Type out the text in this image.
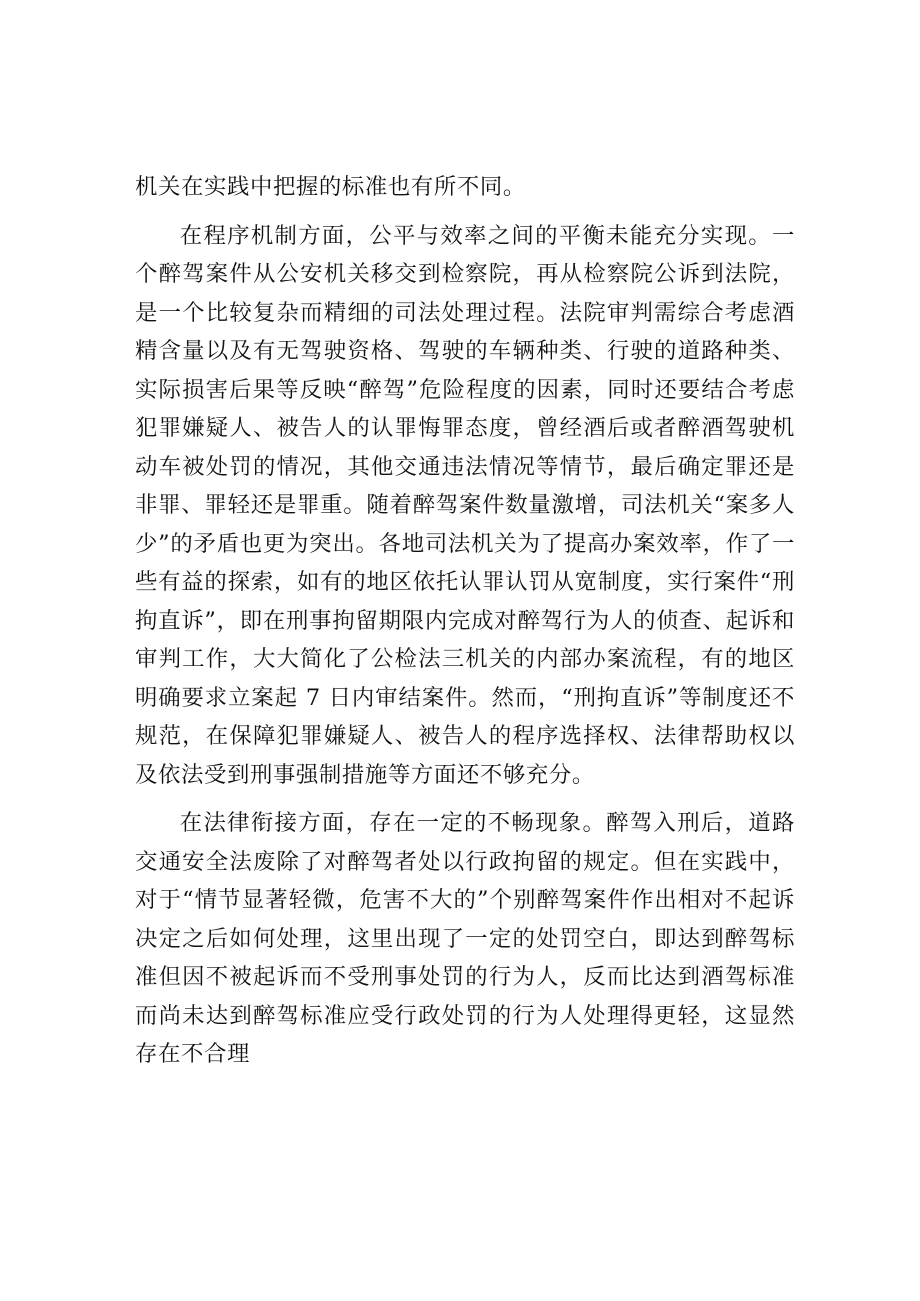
机关在实践中把握的标准也有所不同。

在程序机制方面，公平与效率之间的平衡未能充分实现。一个醉驾案件从公安机关移交到检察院，再从检察院公诉到法院，是一个比较复杂而精细的司法处理过程。法院审判需综合考虑酒精含量以及有无驾驶资格、驾驶的车辆种类、行驶的道路种类、实际损害后果等反映“醉驾”危险程度的因素，同时还要结合考虑犯罪嫌疑人、被告人的认罪悔罪态度，曾经酒后或者醉酒驾驶机动车被处罚的情况，其他交通违法情况等情节，最后确定罪还是非罪、罪轻还是罪重。随着醉驾案件数量激增，司法机关“案多人少”的矛盾也更为突出。各地司法机关为了提高办案效率，作了一些有益的探索，如有的地区依托认罪认罚从宽制度，实行案件“刑拘直诉”，即在刑事拘留期限内完成对醉驾行为人的侦查、起诉和审判工作，大大简化了公检法三机关的内部办案流程，有的地区明确要求立案起 7 日内审结案件。然而，“刑拘直诉”等制度还不规范，在保障犯罪嫌疑人、被告人的程序选择权、法律帮助权以及依法受到刑事强制措施等方面还不够充分。

在法律衔接方面，存在一定的不畅现象。醉驾入刑后，道路交通安全法废除了对醉驾者处以行政拘留的规定。但在实践中，对于“情节显著轻微，危害不大的”个别醉驾案件作出相对不起诉决定之后如何处理，这里出现了一定的处罚空白，即达到醉驾标准但因不被起诉而不受刑事处罚的行为人，反而比达到酒驾标准而尚未达到醉驾标准应受行政处罚的行为人处理得更轻，这显然存在不合理
